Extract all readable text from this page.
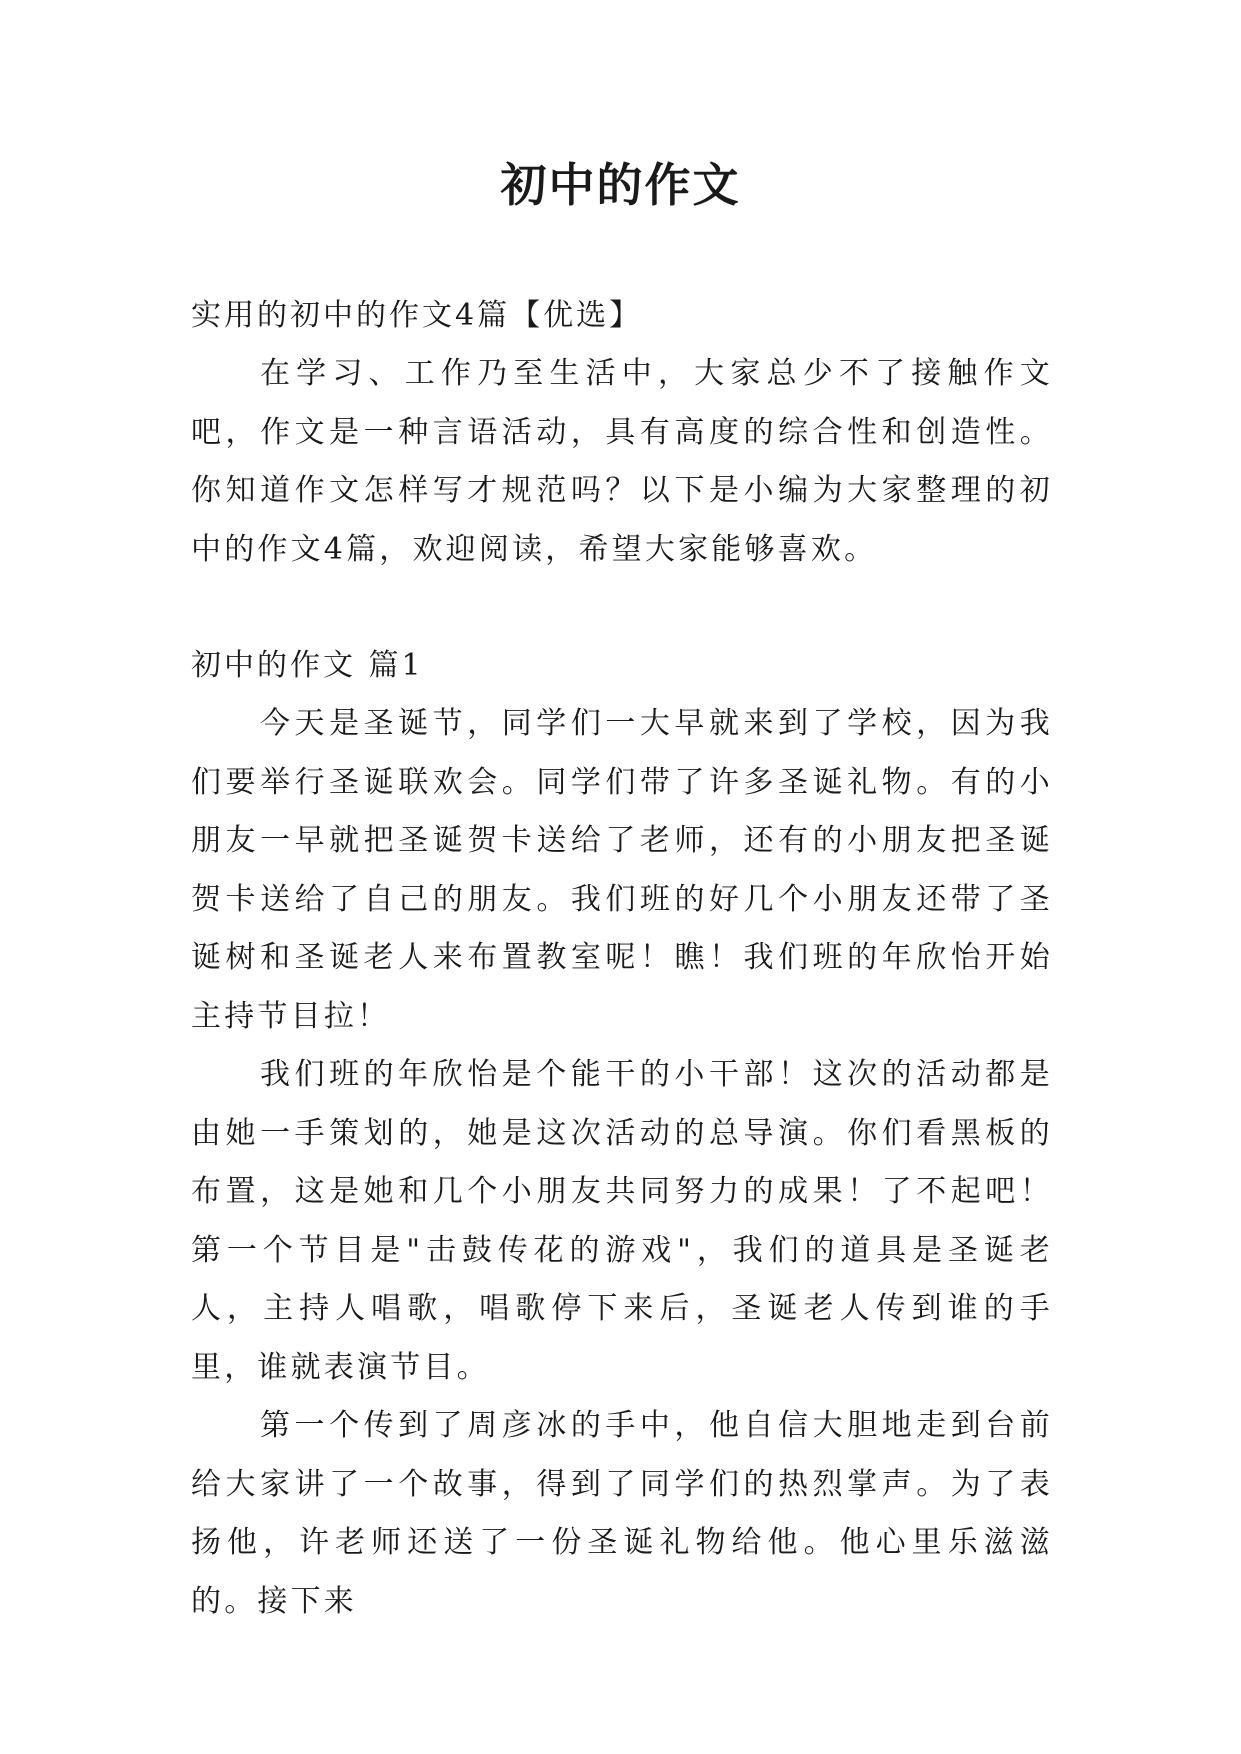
初中的作文

实用的初中的作文4篇【优选】

在学习、工作乃至生活中，大家总少不了接触作文吧，作文是一种言语活动，具有高度的综合性和创造性。你知道作文怎样写才规范吗？以下是小编为大家整理的初中的作文4篇，欢迎阅读，希望大家能够喜欢。

初中的作文 篇1

今天是圣诞节，同学们一大早就来到了学校，因为我们要举行圣诞联欢会。同学们带了许多圣诞礼物。有的小朋友一早就把圣诞贺卡送给了老师，还有的小朋友把圣诞贺卡送给了自己的朋友。我们班的好几个小朋友还带了圣诞树和圣诞老人来布置教室呢！瞧！我们班的年欣怡开始主持节目拉！

我们班的年欣怡是个能干的小干部！这次的活动都是由她一手策划的，她是这次活动的总导演。你们看黑板的布置，这是她和几个小朋友共同努力的成果！了不起吧！第一个节目是"击鼓传花的游戏"，我们的道具是圣诞老人，主持人唱歌，唱歌停下来后，圣诞老人传到谁的手里，谁就表演节目。

第一个传到了周彦冰的手中，他自信大胆地走到台前给大家讲了一个故事，得到了同学们的热烈掌声。为了表扬他，许老师还送了一份圣诞礼物给他。他心里乐滋滋的。接下来
